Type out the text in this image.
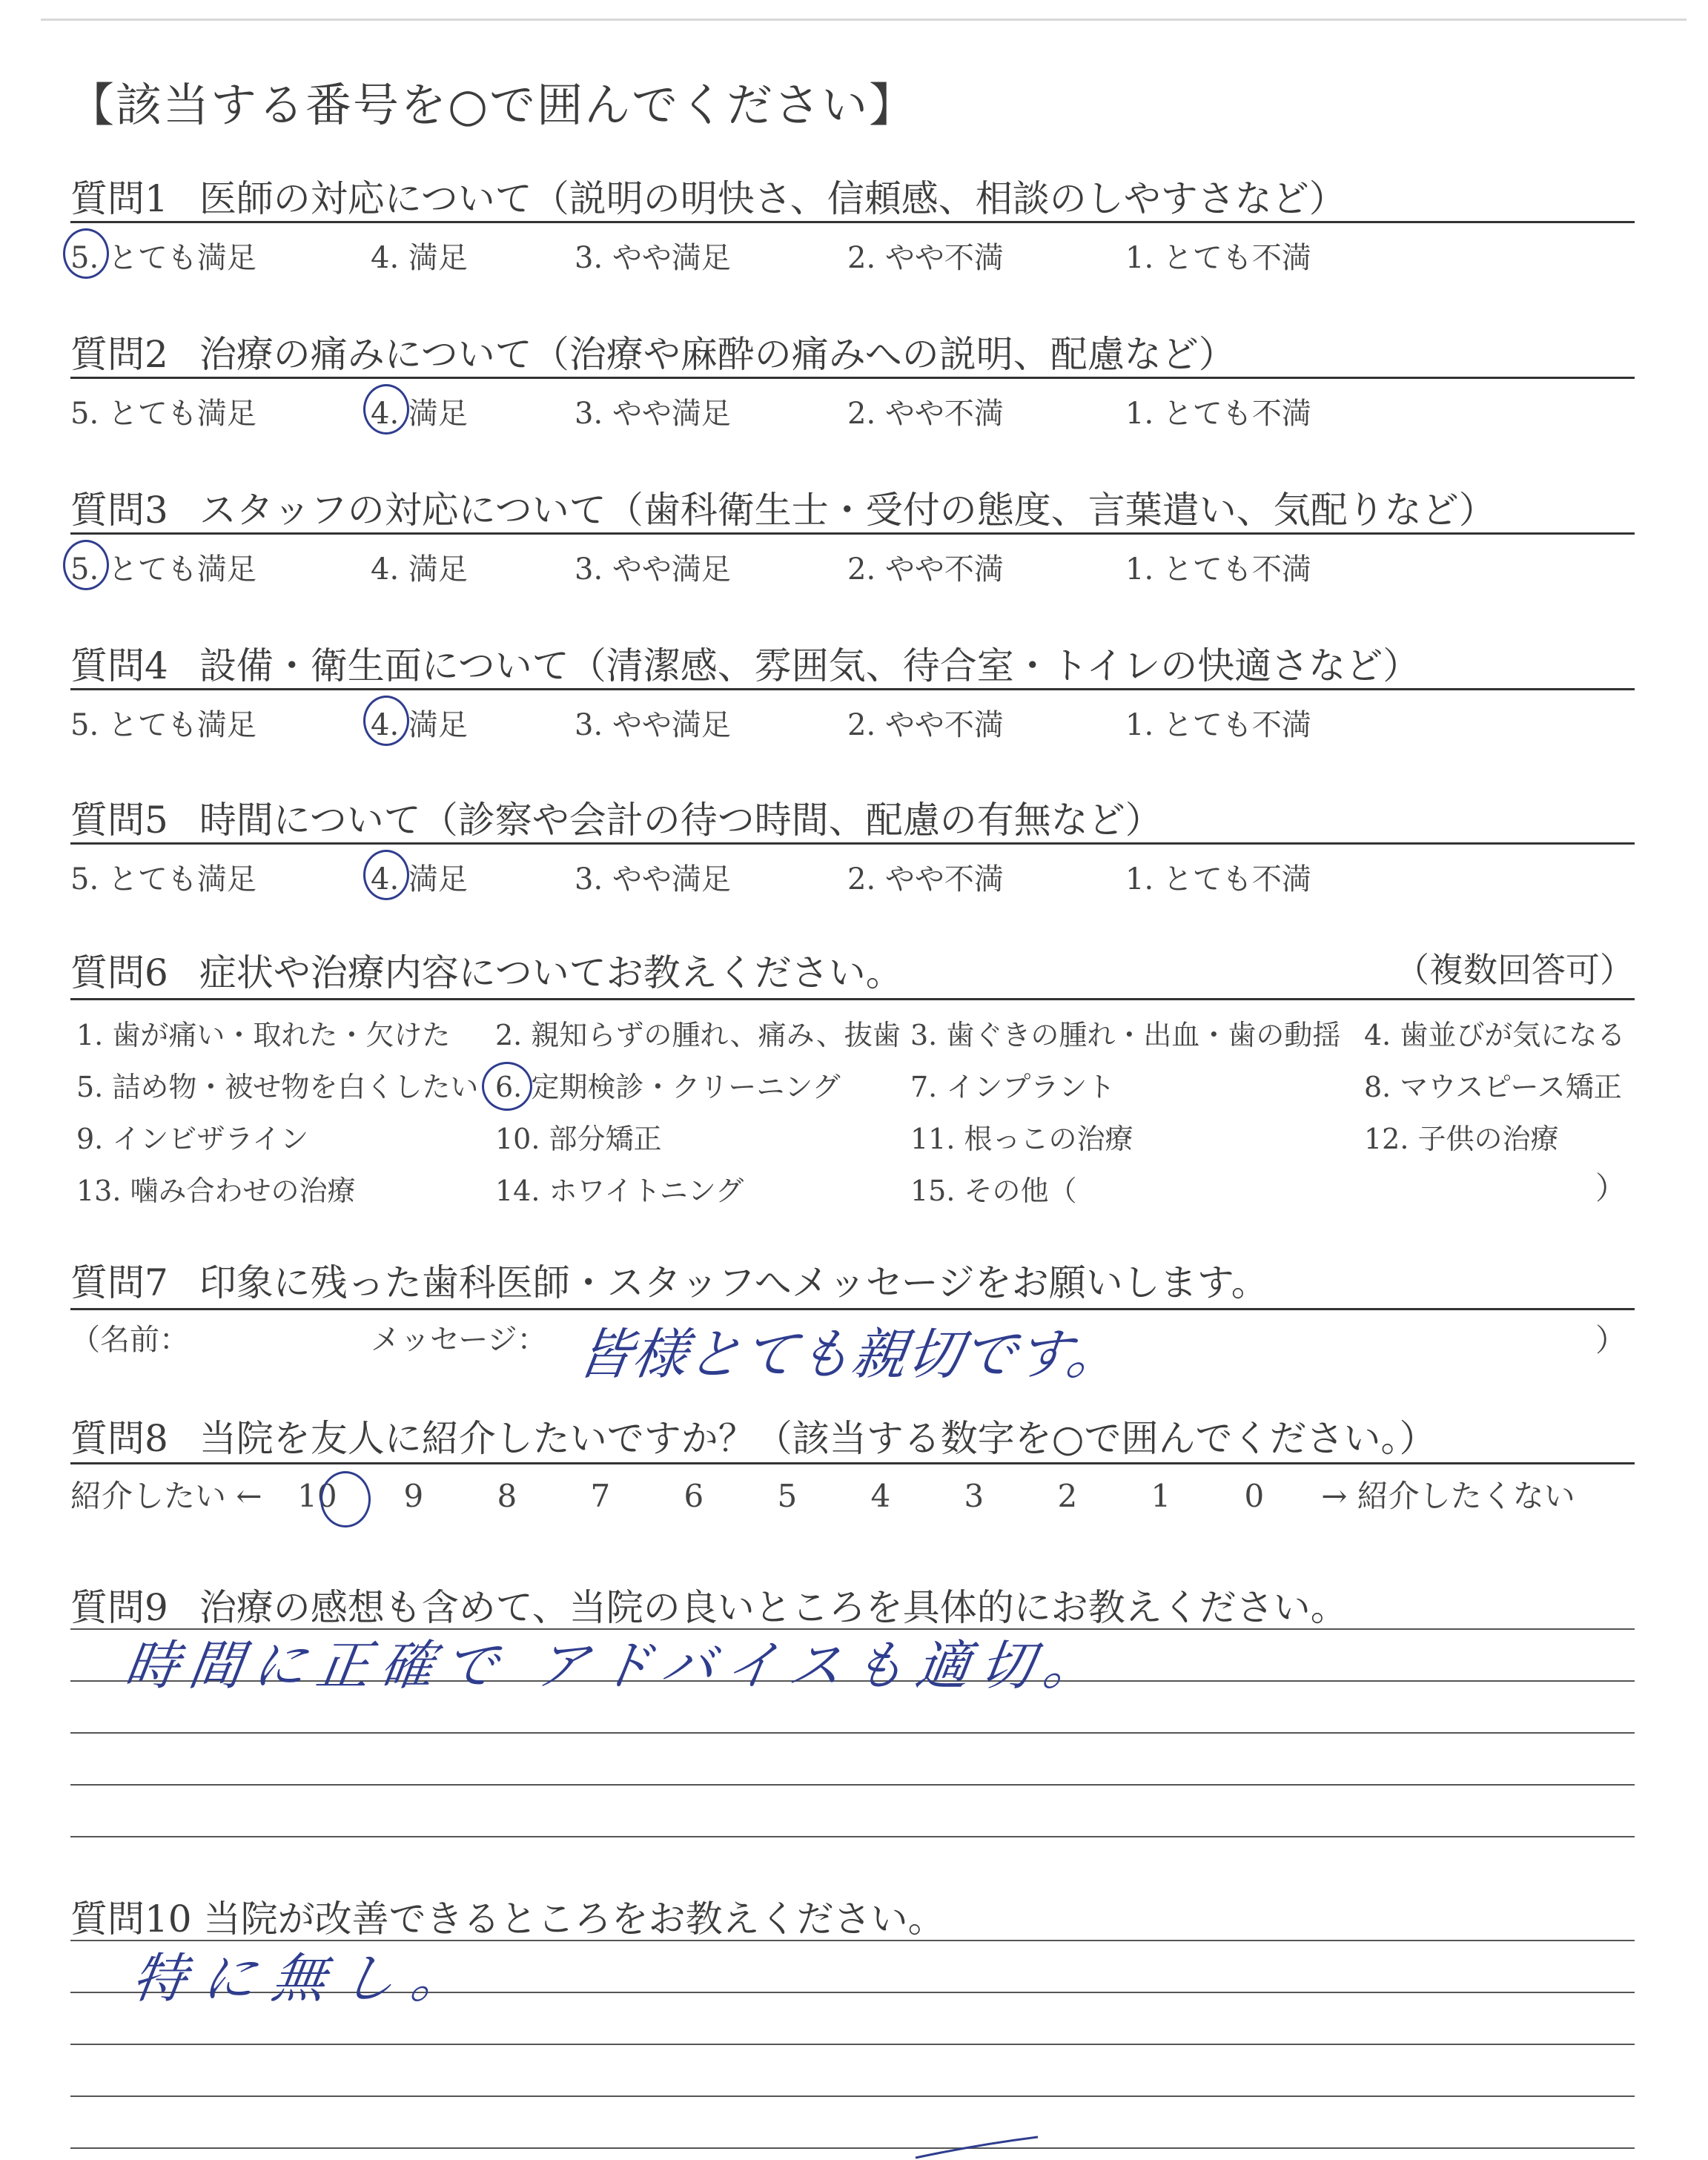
【該当する番号を○で囲んでください】
質問1 医師の対応について（説明の明快さ、信頼感、相談のしやすさなど）
5. とても満足	4. 満足	3. やや満足	2. やや不満	1. とても不満
質問2 治療の痛みについて（治療や麻酔の痛みへの説明、配慮など）
5. とても満足	4. 満足	3. やや満足	2. やや不満	1. とても不満
質問3 スタッフの対応について（歯科衛生士・受付の態度、言葉遣い、気配りなど）
5. とても満足	4. 満足	3. やや満足	2. やや不満	1. とても不満
質問4 設備・衛生面について（清潔感、雰囲気、待合室・トイレの快適さなど）
5. とても満足	4. 満足	3. やや満足	2. やや不満	1. とても不満
質問5 時間について（診察や会計の待つ時間、配慮の有無など）
5. とても満足	4. 満足	3. やや満足	2. やや不満	1. とても不満
質問6 症状や治療内容についてお教えください。	（複数回答可）
1. 歯が痛い・取れた・欠けた 2. 親知らずの腫れ、痛み、抜歯 3. 歯ぐきの腫れ・出血・歯の動揺 4. 歯並びが気になる
5. 詰め物・被せ物を白くしたい 6. 定期検診・クリーニング 7. インプラント	8. マウスピース矯正
9. インビザライン	10. 部分矯正	11. 根っこの治療	12. 子供の治療
13. 噛み合わせの治療	14. ホワイトニング	15. その他（	）
質問7 印象に残った歯科医師・スタッフへメッセージをお願いします。
（名前：	メッセージ：	）
皆様とても親切です。
質問8 当院を友人に紹介したいですか？（該当する数字を○で囲んでください。）
紹介したい ← 10 9 8 7 6 5 4 3 2 1 0 → 紹介したくない
質問9 治療の感想も含めて、当院の良いところを具体的にお教えください。
時間に正確で アドバイスも適切。
質問10 当院が改善できるところをお教えください。
特に無し。
